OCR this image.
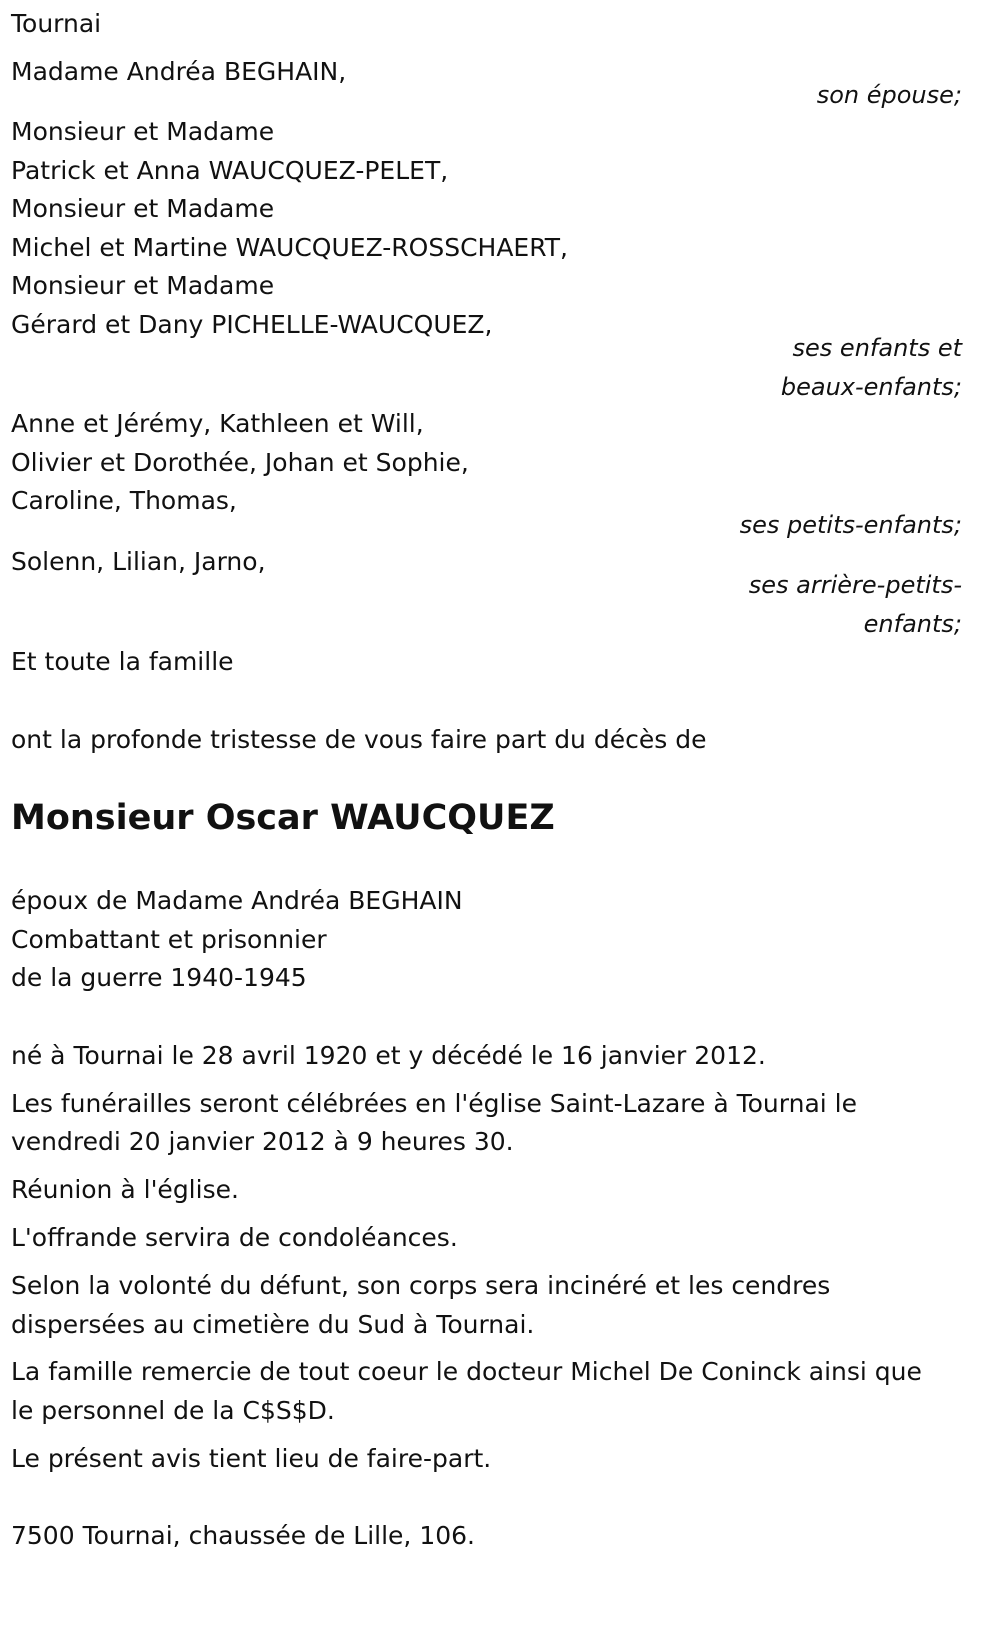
Tournai
Madame Andréa BEGHAIN,
son épouse;
Monsieur et Madame
Patrick et Anna WAUCQUEZ-PELET,
Monsieur et Madame
Michel et Martine WAUCQUEZ-ROSSCHAERT,
Monsieur et Madame
Gérard et Dany PICHELLE-WAUCQUEZ,
ses enfants et
beaux-enfants;
Anne et Jérémy, Kathleen et Will,
Olivier et Dorothée, Johan et Sophie,
Caroline, Thomas,
ses petits-enfants;
Solenn, Lilian, Jarno,
ses arrière-petits-
enfants;
Et toute la famille
ont la profonde tristesse de vous faire part du décès de
Monsieur Oscar WAUCQUEZ
époux de Madame Andréa BEGHAIN
Combattant et prisonnier
de la guerre 1940-1945
né à Tournai le 28 avril 1920 et y décédé le 16 janvier 2012.
Les funérailles seront célébrées en l'église Saint-Lazare à Tournai le
vendredi 20 janvier 2012 à 9 heures 30.
Réunion à l'église.
L'offrande servira de condoléances.
Selon la volonté du défunt, son corps sera incinéré et les cendres
dispersées au cimetière du Sud à Tournai.
La famille remercie de tout coeur le docteur Michel De Coninck ainsi que
le personnel de la C$S$D.
Le présent avis tient lieu de faire-part.
7500 Tournai, chaussée de Lille, 106.
